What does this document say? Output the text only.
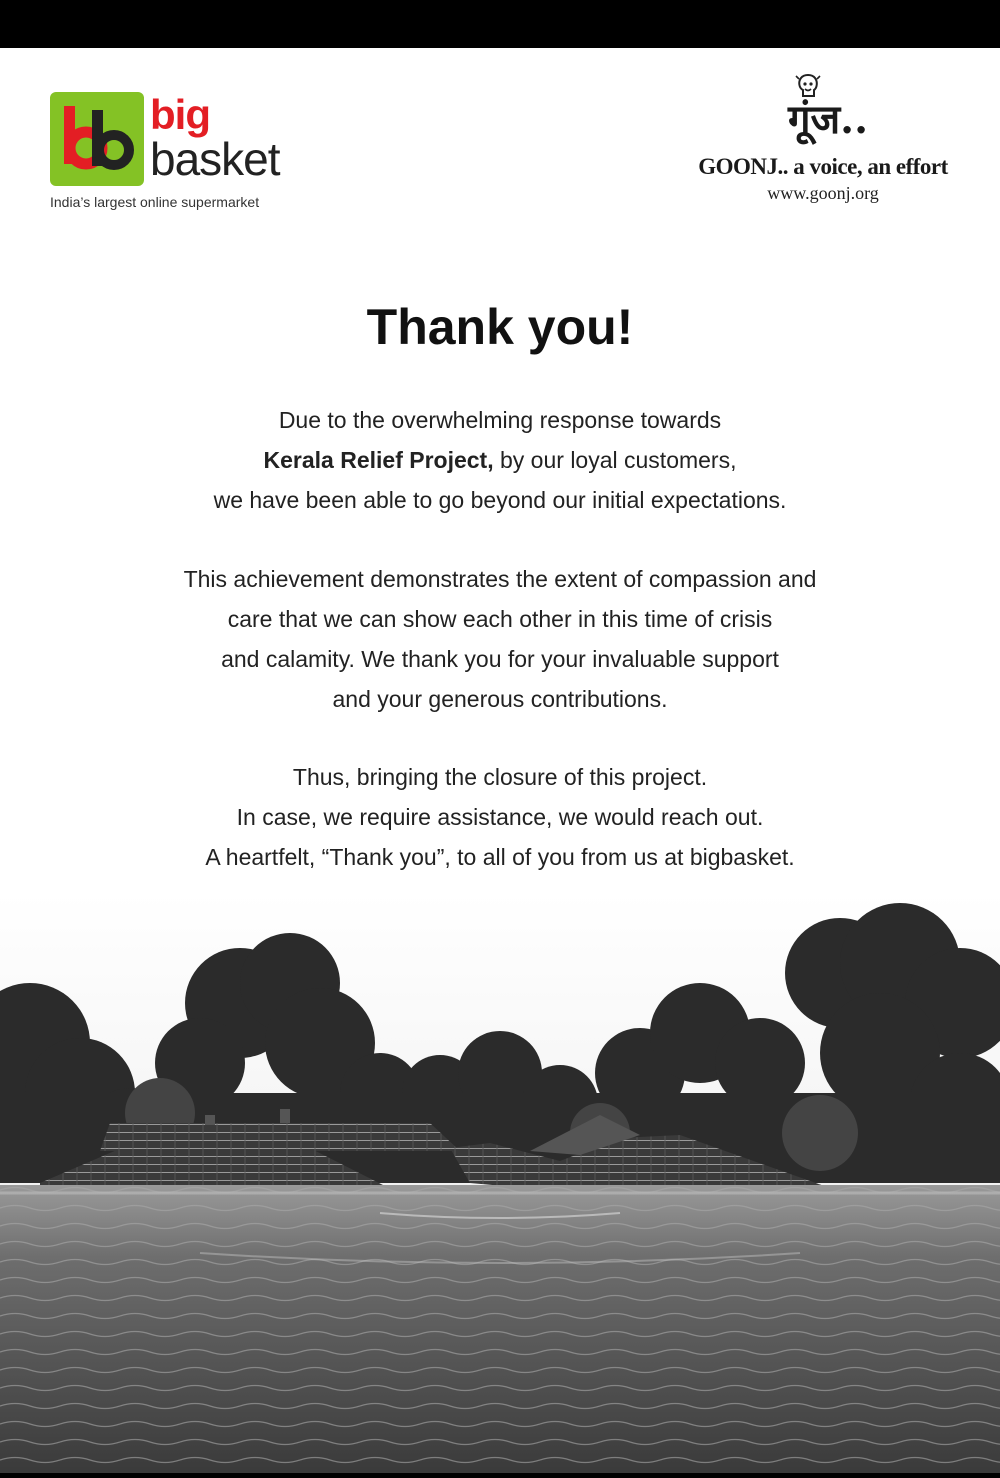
big
basket
India’s largest online supermarket
गूंज..
GOONJ.. a voice, an effort
www.goonj.org
Thank you!
Due to the overwhelming response towards
Kerala Relief Project, by our loyal customers,
we have been able to go beyond our initial expectations.
This achievement demonstrates the extent of compassion and
care that we can show each other in this time of crisis
and calamity. We thank you for your invaluable support
and your generous contributions.
Thus, bringing the closure of this project.
In case, we require assistance, we would reach out.
A heartfelt, “Thank you”, to all of you from us at bigbasket.
